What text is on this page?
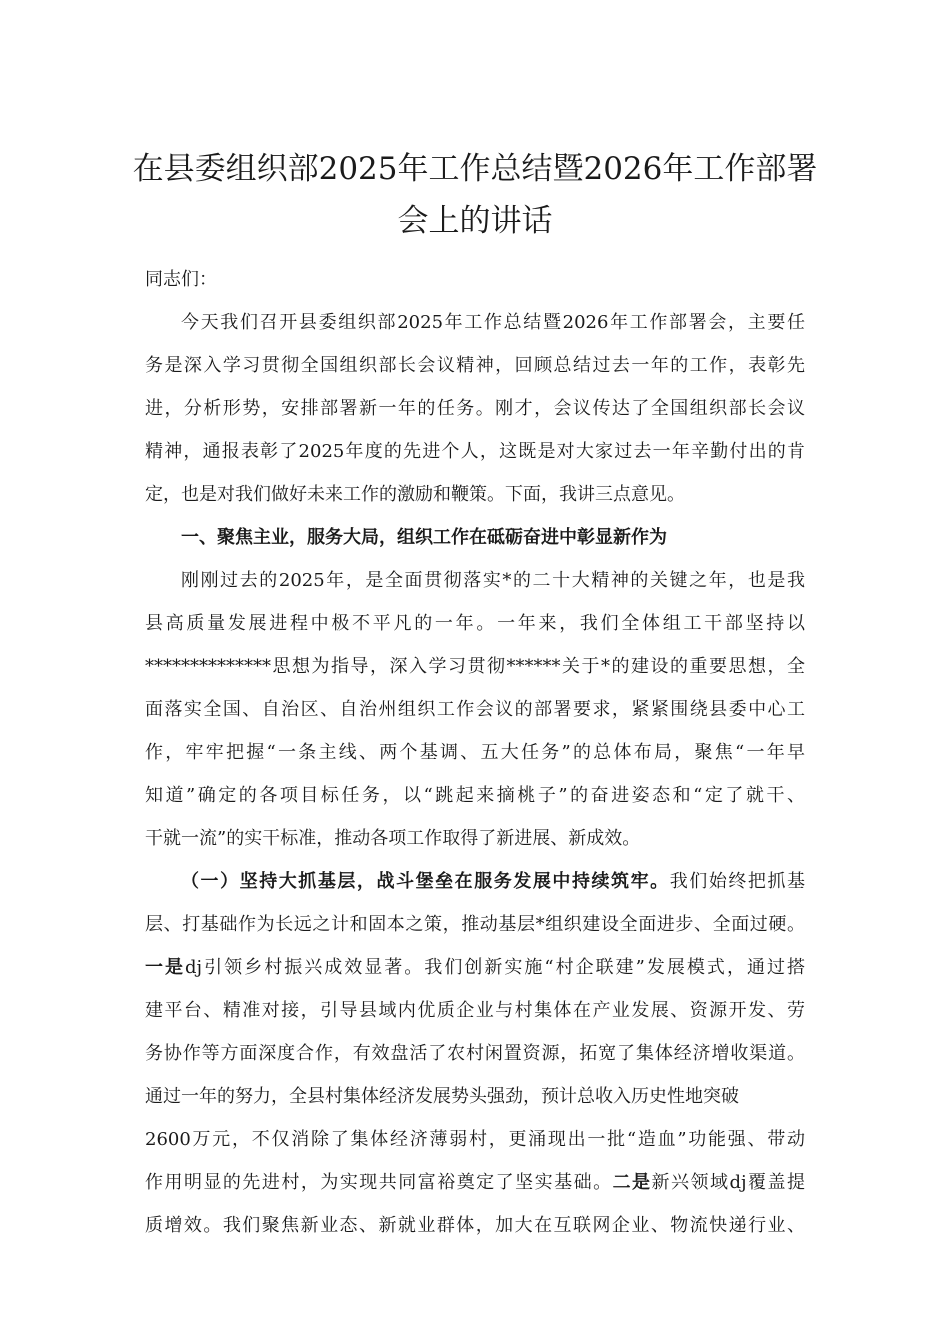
在县委组织部2025年工作总结暨2026年工作部署
会上的讲话
同志们：
今天我们召开县委组织部2025年工作总结暨2026年工作部署会，主要任
务是深入学习贯彻全国组织部长会议精神，回顾总结过去一年的工作，表彰先
进，分析形势，安排部署新一年的任务。刚才，会议传达了全国组织部长会议
精神，通报表彰了2025年度的先进个人，这既是对大家过去一年辛勤付出的肯
定，也是对我们做好未来工作的激励和鞭策。下面，我讲三点意见。
一、聚焦主业，服务大局，组织工作在砥砺奋进中彰显新作为
刚刚过去的2025年，是全面贯彻落实*的二十大精神的关键之年，也是我
县高质量发展进程中极不平凡的一年。一年来，我们全体组工干部坚持以
**************思想为指导，深入学习贯彻******关于*的建设的重要思想，全
面落实全国、自治区、自治州组织工作会议的部署要求，紧紧围绕县委中心工
作，牢牢把握“一条主线、两个基调、五大任务”的总体布局，聚焦“一年早
知道”确定的各项目标任务，以“跳起来摘桃子”的奋进姿态和“定了就干、
干就一流”的实干标准，推动各项工作取得了新进展、新成效。
（一）坚持大抓基层，战斗堡垒在服务发展中持续筑牢。我们始终把抓基
层、打基础作为长远之计和固本之策，推动基层*组织建设全面进步、全面过硬。
一是dj引领乡村振兴成效显著。我们创新实施“村企联建”发展模式，通过搭
建平台、精准对接，引导县域内优质企业与村集体在产业发展、资源开发、劳
务协作等方面深度合作，有效盘活了农村闲置资源，拓宽了集体经济增收渠道。
通过一年的努力，全县村集体经济发展势头强劲，预计总收入历史性地突破
2600万元，不仅消除了集体经济薄弱村，更涌现出一批“造血”功能强、带动
作用明显的先进村，为实现共同富裕奠定了坚实基础。二是新兴领域dj覆盖提
质增效。我们聚焦新业态、新就业群体，加大在互联网企业、物流快递行业、
